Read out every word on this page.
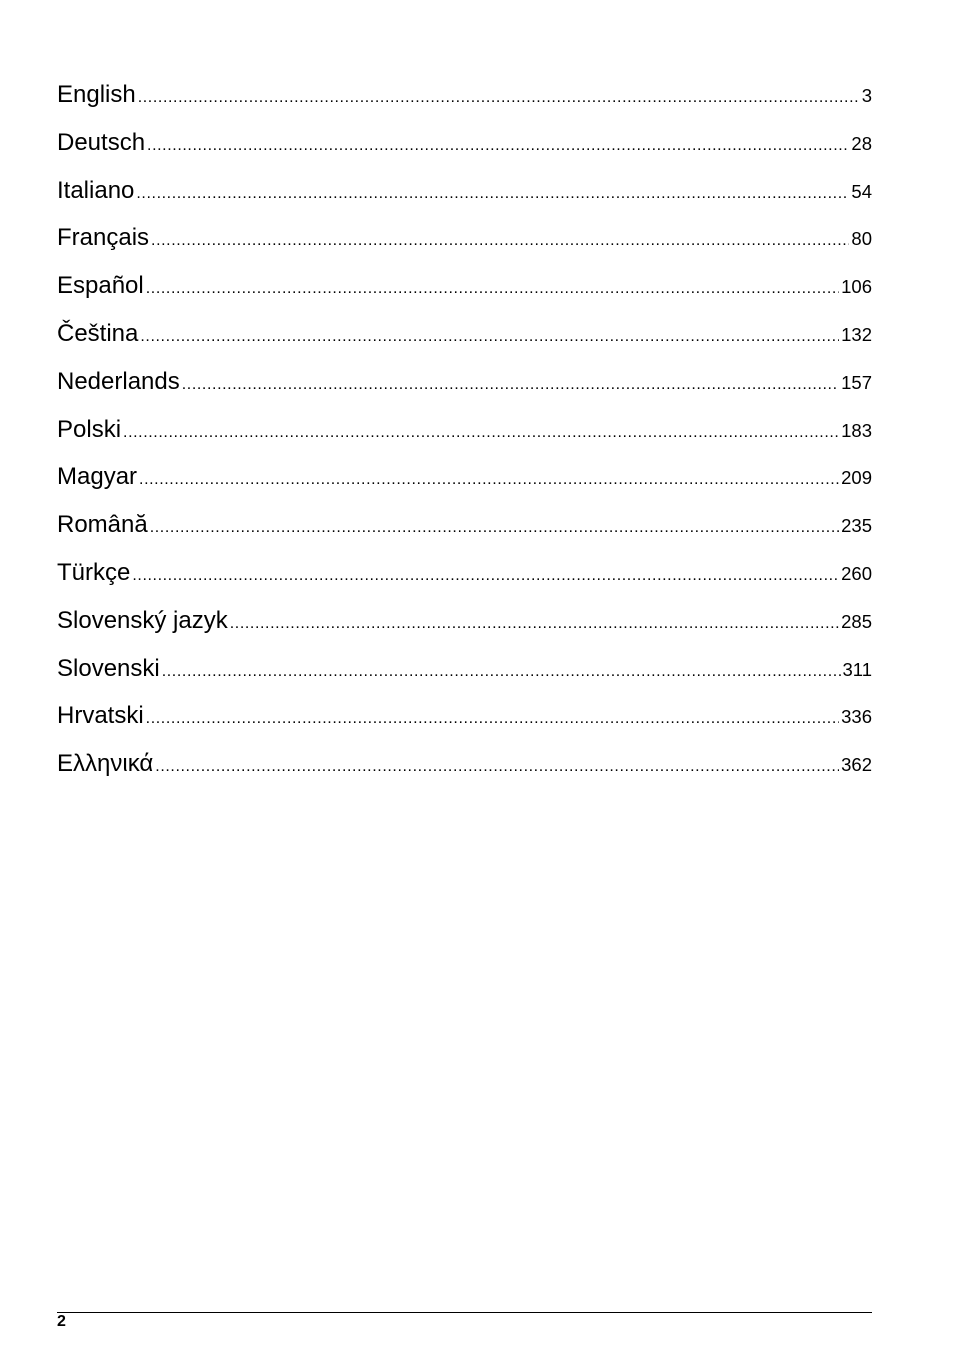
English .....	3
Deutsch .....	28
Italiano .....	54
Français .....	80
Español .....	106
Čeština .....	132
Nederlands .....	157
Polski .....	183
Magyar .....	209
Română .....	235
Türkçe .....	260
Slovenský jazyk .....	285
Slovenski .....	311
Hrvatski .....	336
Ελληνικά .....	362
2
